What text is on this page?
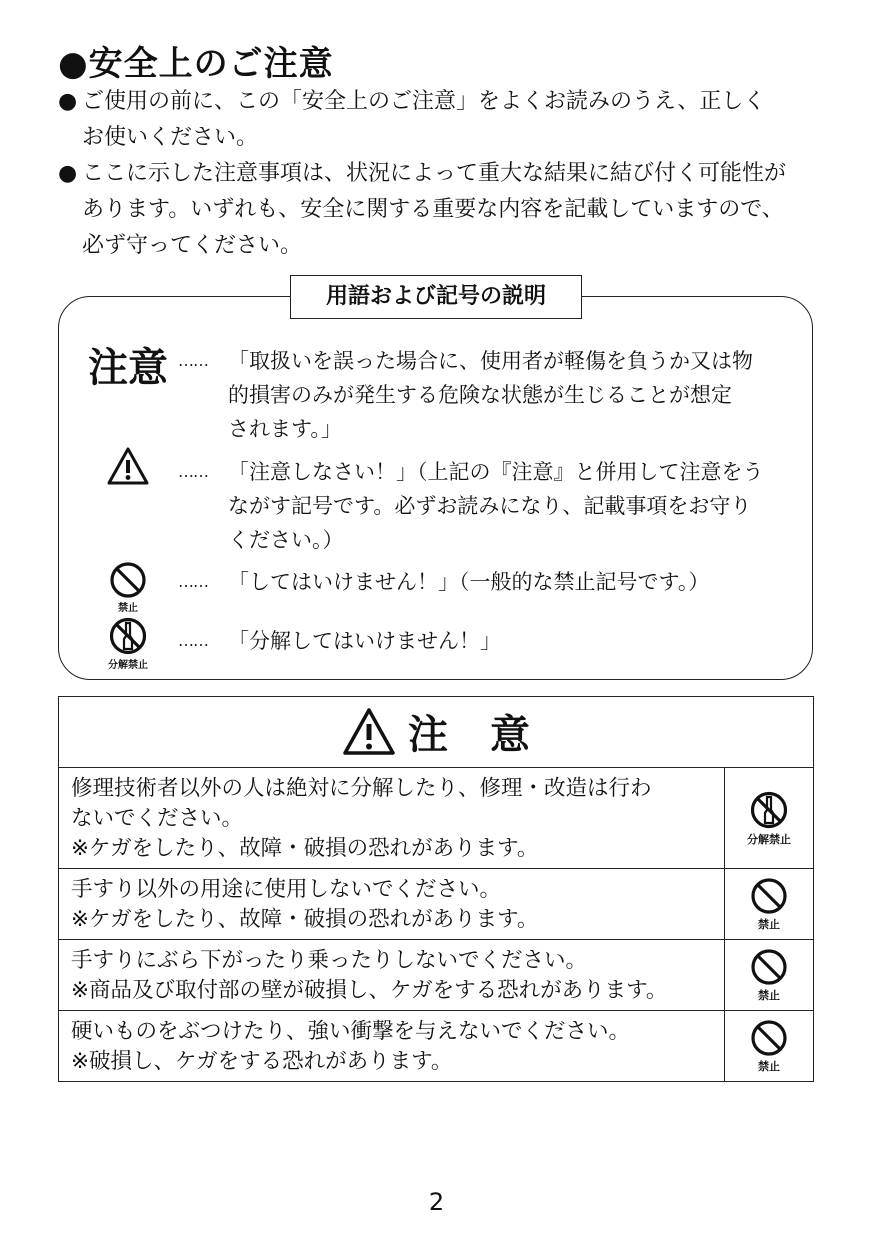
●安全上のご注意
● ご使用の前に、この「安全上のご注意」をよくお読みのうえ、正しく
お使いください。
● ここに示した注意事項は、状況によって重大な結果に結び付く可能性が
あります。いずれも、安全に関する重要な内容を記載していますので、
必ず守ってください。
用語および記号の説明
注意 …… 「取扱いを誤った場合に、使用者が軽傷を負うか又は物
的損害のみが発生する危険な状態が生じることが想定
されます。」
…… 「注意しなさい！」（上記の『注意』と併用して注意をう
ながす記号です。必ずお読みになり、記載事項をお守り
ください。）
禁止
…… 「してはいけません！」（一般的な禁止記号です。）
分解禁止
…… 「分解してはいけません！」
注意	

修理技術者以外の人は絶対に分解したり、修理・改造は行わ
ないでください。
※ケガをしたり、故障・破損の恐れがあります。	分解禁止

手すり以外の用途に使用しないでください。
※ケガをしたり、故障・破損の恐れがあります。	禁止

手すりにぶら下がったり乗ったりしないでください。
※商品及び取付部の壁が破損し、ケガをする恐れがあります。	禁止

硬いものをぶつけたり、強い衝撃を与えないでください。
※破損し、ケガをする恐れがあります。	禁止
2
